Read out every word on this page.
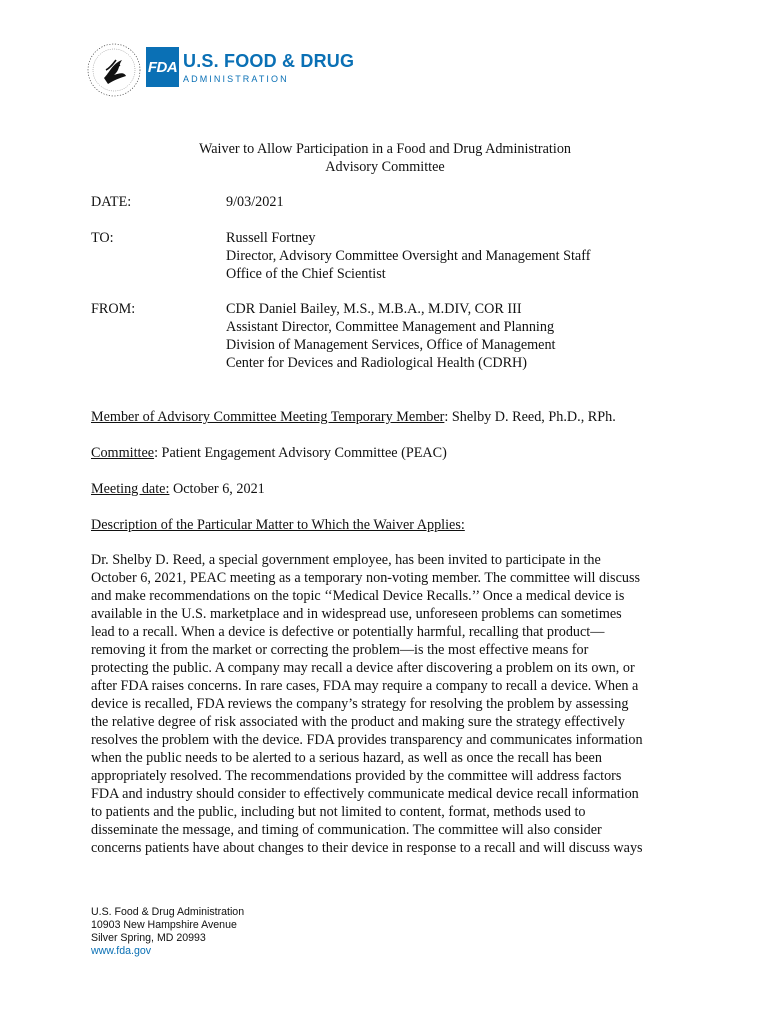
FDA U.S. FOOD & DRUG
ADMINISTRATION
Waiver to Allow Participation in a Food and Drug Administration
Advisory Committee
DATE:	9/03/2021
TO:	Russell Fortney
Director, Advisory Committee Oversight and Management Staff
Office of the Chief Scientist
FROM:	CDR Daniel Bailey, M.S., M.B.A., M.DIV, COR III
Assistant Director, Committee Management and Planning
Division of Management Services, Office of Management
Center for Devices and Radiological Health (CDRH)
Member of Advisory Committee Meeting Temporary Member: Shelby D. Reed, Ph.D., RPh.
Committee: Patient Engagement Advisory Committee (PEAC)
Meeting date: October 6, 2021
Description of the Particular Matter to Which the Waiver Applies:
Dr. Shelby D. Reed, a special government employee, has been invited to participate in the
October 6, 2021, PEAC meeting as a temporary non-voting member. The committee will discuss
and make recommendations on the topic ‘‘Medical Device Recalls.’’ Once a medical device is
available in the U.S. marketplace and in widespread use, unforeseen problems can sometimes
lead to a recall. When a device is defective or potentially harmful, recalling that product—
removing it from the market or correcting the problem—is the most effective means for
protecting the public. A company may recall a device after discovering a problem on its own, or
after FDA raises concerns. In rare cases, FDA may require a company to recall a device. When a
device is recalled, FDA reviews the company’s strategy for resolving the problem by assessing
the relative degree of risk associated with the product and making sure the strategy effectively
resolves the problem with the device. FDA provides transparency and communicates information
when the public needs to be alerted to a serious hazard, as well as once the recall has been
appropriately resolved. The recommendations provided by the committee will address factors
FDA and industry should consider to effectively communicate medical device recall information
to patients and the public, including but not limited to content, format, methods used to
disseminate the message, and timing of communication. The committee will also consider
concerns patients have about changes to their device in response to a recall and will discuss ways
U.S. Food & Drug Administration
10903 New Hampshire Avenue
Silver Spring, MD 20993
www.fda.gov
